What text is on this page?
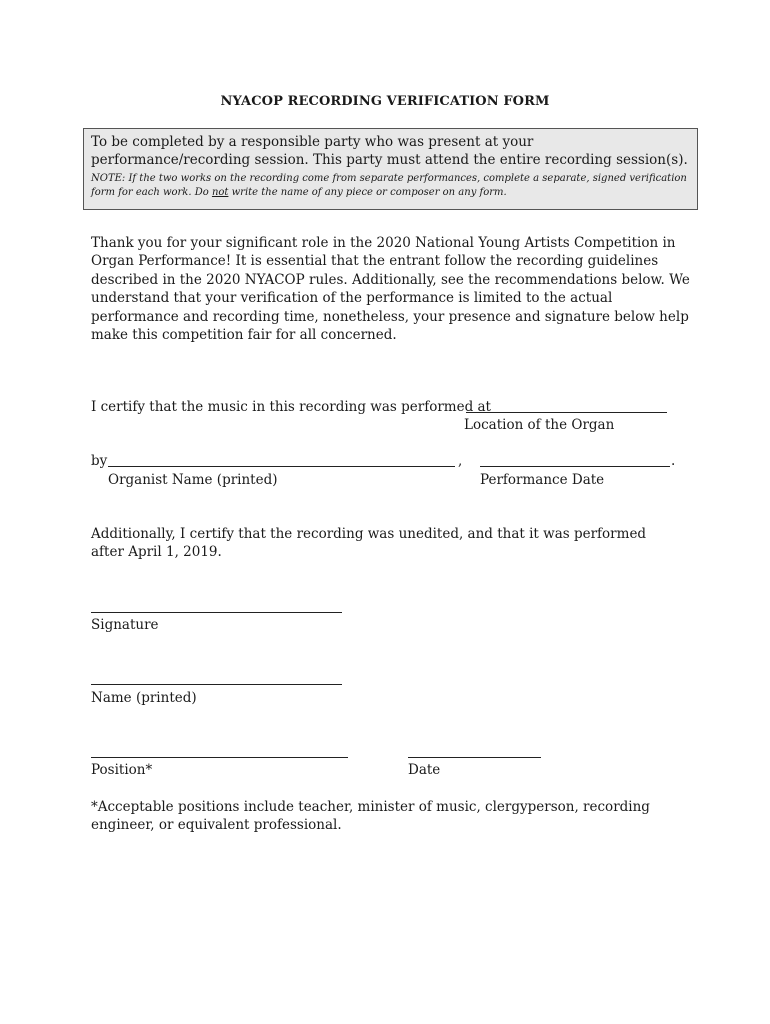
NYACOP RECORDING VERIFICATION FORM
To be completed by a responsible party who was present at your performance/recording session. This party must attend the entire recording session(s).
NOTE: If the two works on the recording come from separate performances, complete a separate, signed verification form for each work. Do not write the name of any piece or composer on any form.
Thank you for your significant role in the 2020 National Young Artists Competition in Organ Performance! It is essential that the entrant follow the recording guidelines described in the 2020 NYACOP rules. Additionally, see the recommendations below. We understand that your verification of the performance is limited to the actual performance and recording time, nonetheless, your presence and signature below help make this competition fair for all concerned.
I certify that the music in this recording was performed at
Location of the Organ
by	,	.
Organist Name (printed)	Performance Date
Additionally, I certify that the recording was unedited, and that it was performed after April 1, 2019.
Signature
Name (printed)
Position*	Date
*Acceptable positions include teacher, minister of music, clergyperson, recording engineer, or equivalent professional.
